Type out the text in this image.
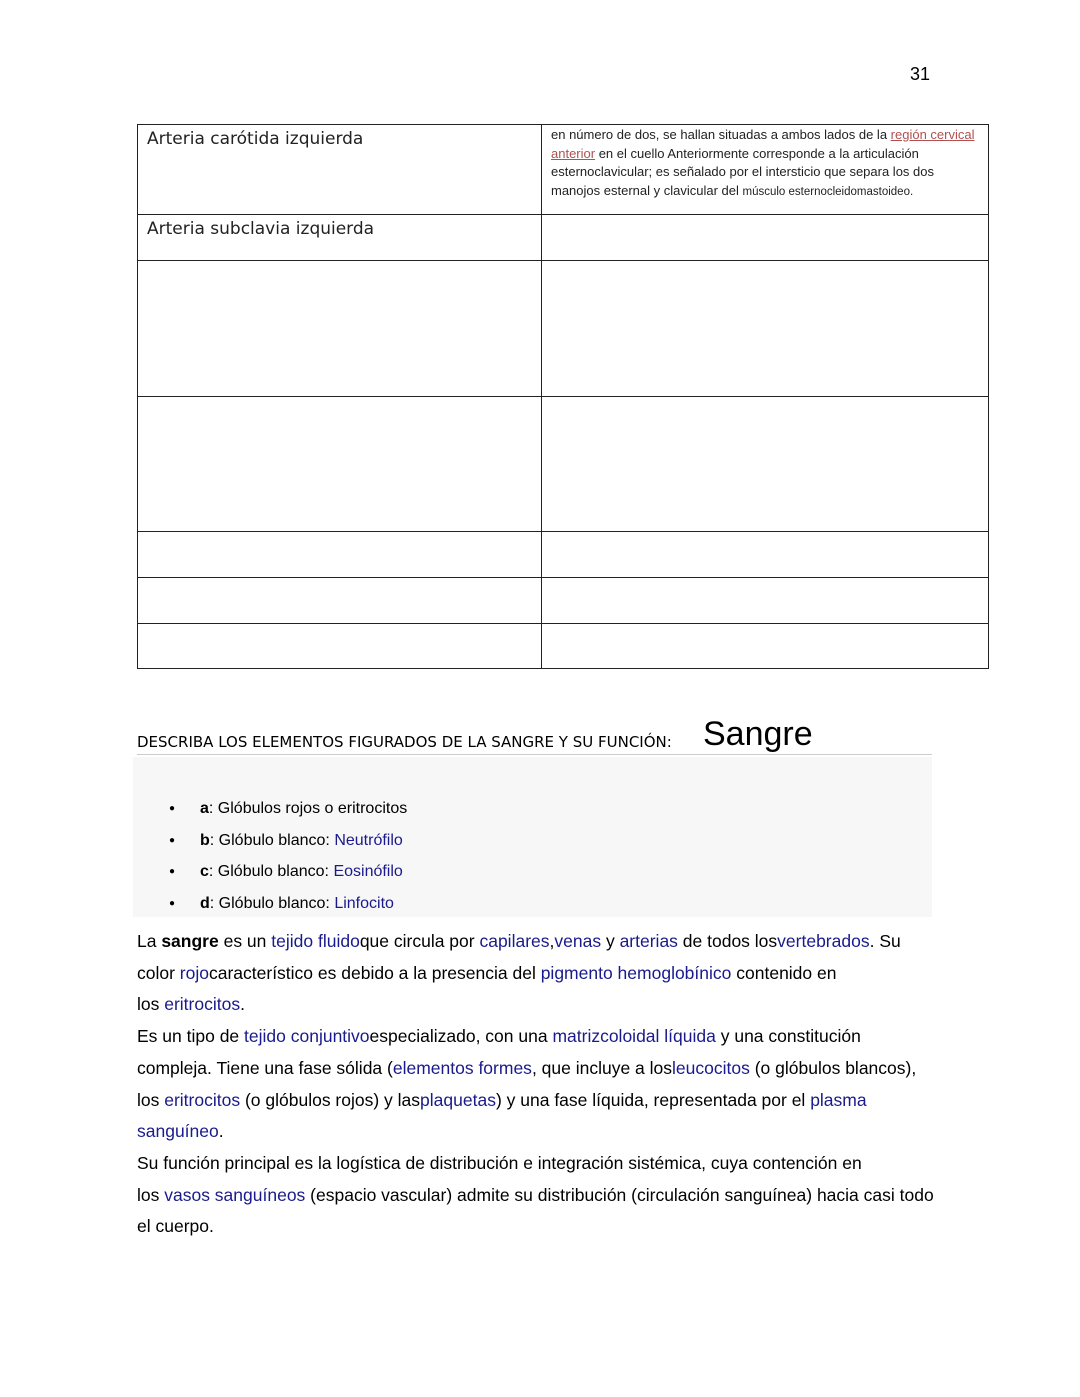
31
Arteria carótida izquierda	en número de dos, se hallan situadas a ambos lados de la región cervical anterior en el cuello Anteriormente corresponde a la articulación esternoclavicular; es señalado por el intersticio que separa los dos manojos esternal y clavicular del músculo esternocleidomastoideo.
Arteria subclavia izquierda	

DESCRIBA LOS ELEMENTOS FIGURADOS DE LA SANGRE Y SU FUNCIÓN: Sangre
● a: Glóbulos rojos o eritrocitos
● b: Glóbulo blanco: Neutrófilo
● c: Glóbulo blanco: Eosinófilo
● d: Glóbulo blanco: Linfocito

La sangre es un tejido fluidoque circula por capilares,venas y arterias de todos losvertebrados. Su color rojocaracterístico es debido a la presencia del pigmento hemoglobínico contenido en
los eritrocitos.

Es un tipo de tejido conjuntivoespecializado, con una matrizcoloidal líquida y una constitución compleja. Tiene una fase sólida (elementos formes, que incluye a losleucocitos (o glóbulos blancos), los eritrocitos (o glóbulos rojos) y lasplaquetas) y una fase líquida, representada por el plasma sanguíneo.

Su función principal es la logística de distribución e integración sistémica, cuya contención en
los vasos sanguíneos (espacio vascular) admite su distribución (circulación sanguínea) hacia casi todo el cuerpo.
